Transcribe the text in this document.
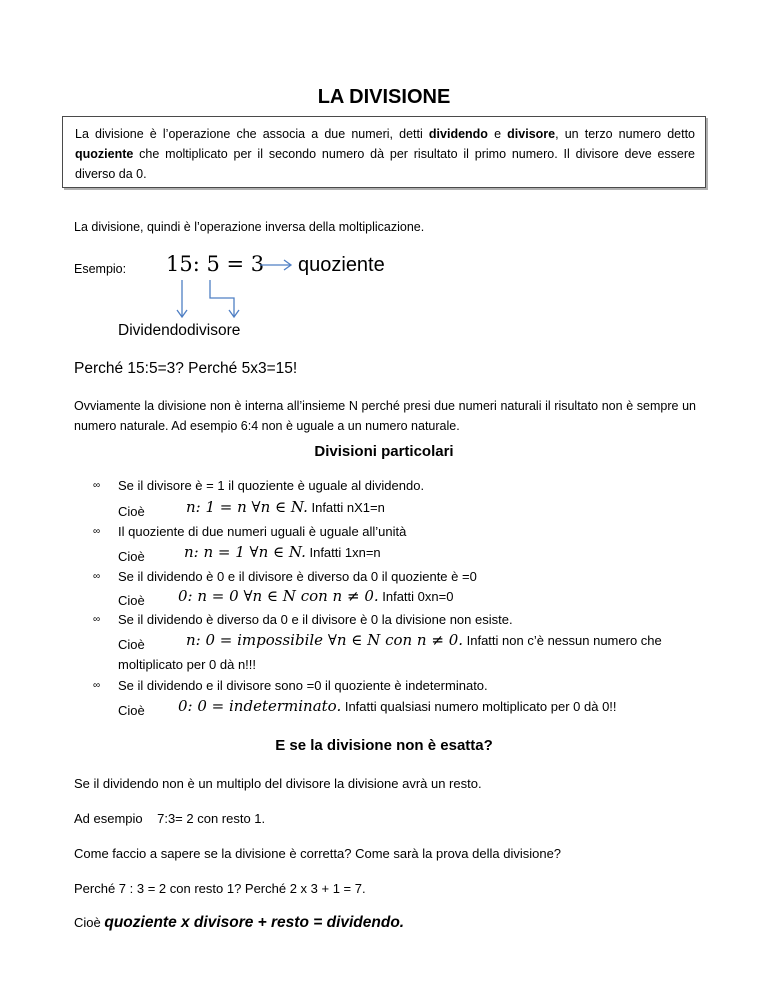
LA DIVISIONE
La divisione è l’operazione che associa a due numeri, detti dividendo e divisore, un terzo numero detto quoziente che moltiplicato per il secondo numero dà per risultato il primo numero. Il divisore deve essere diverso da 0.
La divisione, quindi è l’operazione inversa della moltiplicazione.
Esempio: 15: 5 = 3 quoziente
Dividendodivisore
Perché 15:5=3? Perché 5x3=15!
Ovviamente la divisione non è interna all’insieme N perché presi due numeri naturali il risultato non è sempre un numero naturale. Ad esempio 6:4 non è uguale a un numero naturale.
Divisioni particolari
∞ Se il divisore è = 1 il quoziente è uguale al dividendo.
Cioè	n: 1 = n ∀n ∈ N. Infatti nX1=n
∞ Il quoziente di due numeri uguali è uguale all’unità
Cioè	n: n = 1 ∀n ∈ N. Infatti 1xn=n
∞ Se il dividendo è 0 e il divisore è diverso da 0 il quoziente è =0
Cioè 0: n = 0 ∀n ∈ N con n ≠ 0. Infatti 0xn=0
∞ Se il dividendo è diverso da 0 e il divisore è 0 la divisione non esiste.
Cioè	n: 0 = impossibile ∀n ∈ N con n ≠ 0. Infatti non c’è nessun numero che
moltiplicato per 0 dà n!!!
∞ Se il dividendo e il divisore sono =0 il quoziente è indeterminato.
Cioè 0: 0 = indeterminato. Infatti qualsiasi numero moltiplicato per 0 dà 0!!
E se la divisione non è esatta?
Se il dividendo non è un multiplo del divisore la divisione avrà un resto.
Ad esempio    7:3= 2 con resto 1.
Come faccio a sapere se la divisione è corretta? Come sarà la prova della divisione?
Perché 7 : 3 = 2 con resto 1? Perché 2 x 3 + 1 = 7.
Cioè quoziente x divisore + resto = dividendo.
